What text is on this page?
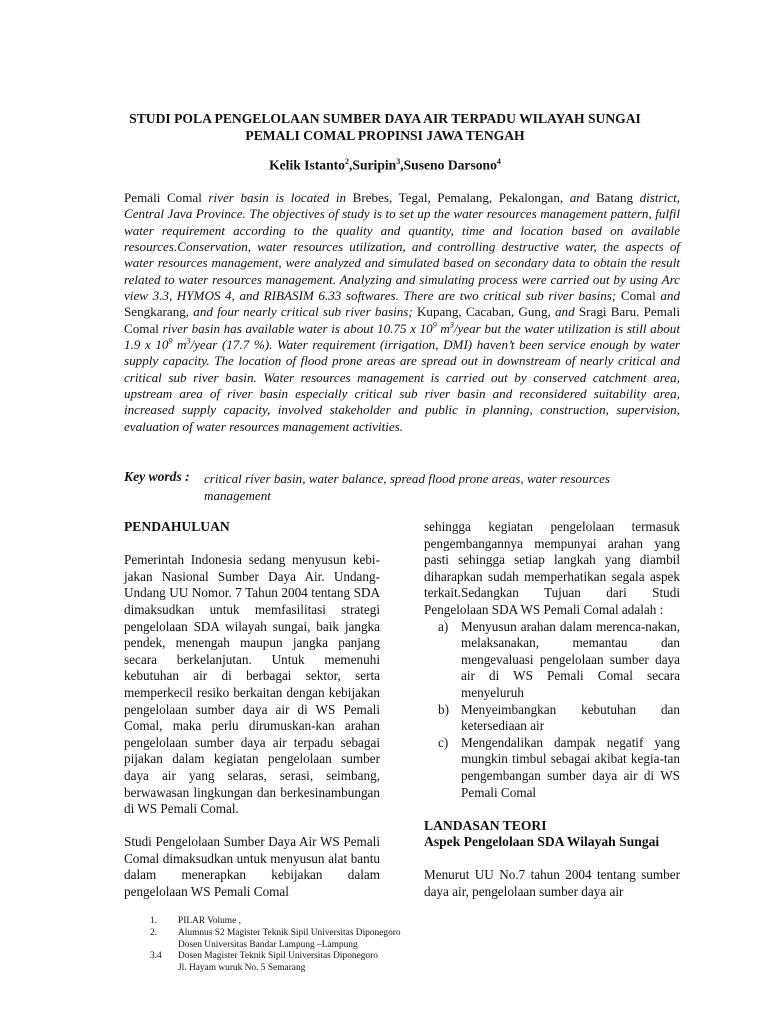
STUDI POLA PENGELOLAAN SUMBER DAYA AIR TERPADU WILAYAH SUNGAI
PEMALI COMAL PROPINSI JAWA TENGAH
Kelik Istanto$^2$,Suripin$^3$,Suseno Darsono$^4$
Pemali Comal river basin is located in Brebes, Tegal, Pemalang, Pekalongan, and Batang district, Central Java Province. The objectives of study is to set up the water resources management pattern, fulfil water requirement according to the quality and quantity, time and location based on available resources.Conservation, water resources utilization, and controlling destructive water, the aspects of water resources management, were analyzed and simulated based on secondary data to obtain the result related to water resources management. Analyzing and simulating process were carried out by using Arc view 3.3, HYMOS 4, and RIBASIM 6.33 softwares. There are two critical sub river basins; Comal and Sengkarang, and four nearly critical sub river basins; Kupang, Cacaban, Gung, and Sragi Baru. Pemali Comal river basin has available water is about 10.75 x $10^9$ $m^3$/year but the water utilization is still about 1.9 x $10^9$ $m^3$/year (17.7 %). Water requirement (irrigation, DMI) haven’t been service enough by water supply capacity. The location of flood prone areas are spread out in downstream of nearly critical and critical sub river basin. Water resources management is carried out by conserved catchment area, upstream area of river basin especially critical sub river basin and reconsidered suitability area, increased supply capacity, involved stakeholder and public in planning, construction, supervision, evaluation of water resources management activities.
Key words : critical river basin, water balance, spread flood prone areas, water resources management

PENDAHULUAN

Pemerintah Indonesia sedang menyusun kebi-jakan Nasional Sumber Daya Air. Undang-Undang UU Nomor. 7 Tahun 2004 tentang SDA dimaksudkan untuk memfasilitasi strategi pengelolaan SDA wilayah sungai, baik jangka pendek, menengah maupun jangka panjang secara berkelanjutan. Untuk memenuhi kebutuhan air di berbagai sektor, serta memperkecil resiko berkaitan dengan kebijakan pengelolaan sumber daya air di WS Pemali Comal, maka perlu dirumuskan-kan arahan pengelolaan sumber daya air terpadu sebagai pijakan dalam kegiatan pengelolaan sumber daya air yang selaras, serasi, seimbang, berwawasan lingkungan dan berkesinambungan di WS Pemali Comal.

Studi Pengelolaan Sumber Daya Air WS Pemali Comal dimaksudkan untuk menyusun alat bantu dalam menerapkan kebijakan dalam pengelolaan WS Pemali Comal

sehingga kegiatan pengelolaan termasuk pengembangannya mempunyai arahan yang pasti sehingga setiap langkah yang diambil diharapkan sudah memperhatikan segala aspek terkait.Sedangkan Tujuan dari Studi Pengelolaan SDA WS Pemali Comal adalah :

a) Menyusun arahan dalam merenca-nakan, melaksanakan, memantau dan mengevaluasi pengelolaan sumber daya air di WS Pemali Comal secara menyeluruh
b) Menyeimbangkan kebutuhan dan ketersediaan air
c) Mengendalikan dampak negatif yang mungkin timbul sebagai akibat kegia-tan pengembangan sumber daya air di WS Pemali Comal

LANDASAN TEORI

Aspek Pengelolaan SDA Wilayah Sungai

Menurut UU No.7 tahun 2004 tentang sumber daya air, pengelolaan sumber daya air

1. PILAR Volume ,
2. Alumnus S2 Magister Teknik Sipil Universitas Diponegoro
Dosen Universitas Bandar Lampung –Lampung
3.4 Dosen Magister Teknik Sipil Universitas Diponegoro
Jl. Hayam wuruk No. 5 Semarang
